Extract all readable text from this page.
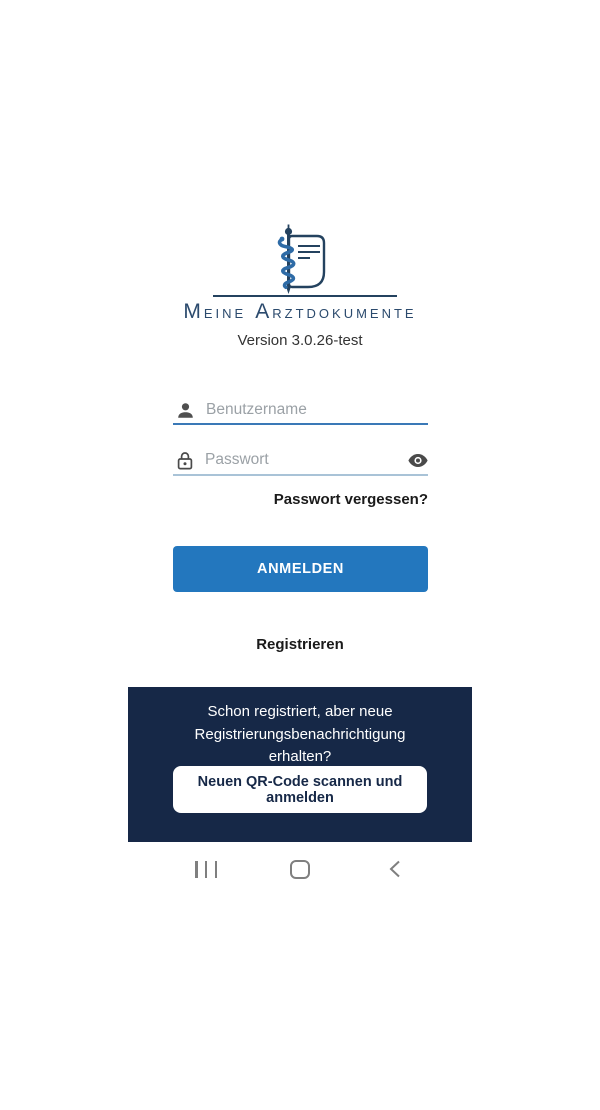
MEINE ARZTDOKUMENTE
Version 3.0.26-test
Benutzername
Passwort vergessen?
ANMELDEN
Registrieren
Schon registriert, aber neue Registrierungsbenachrichtigung erhalten?
Neuen QR-Code scannen und anmelden
